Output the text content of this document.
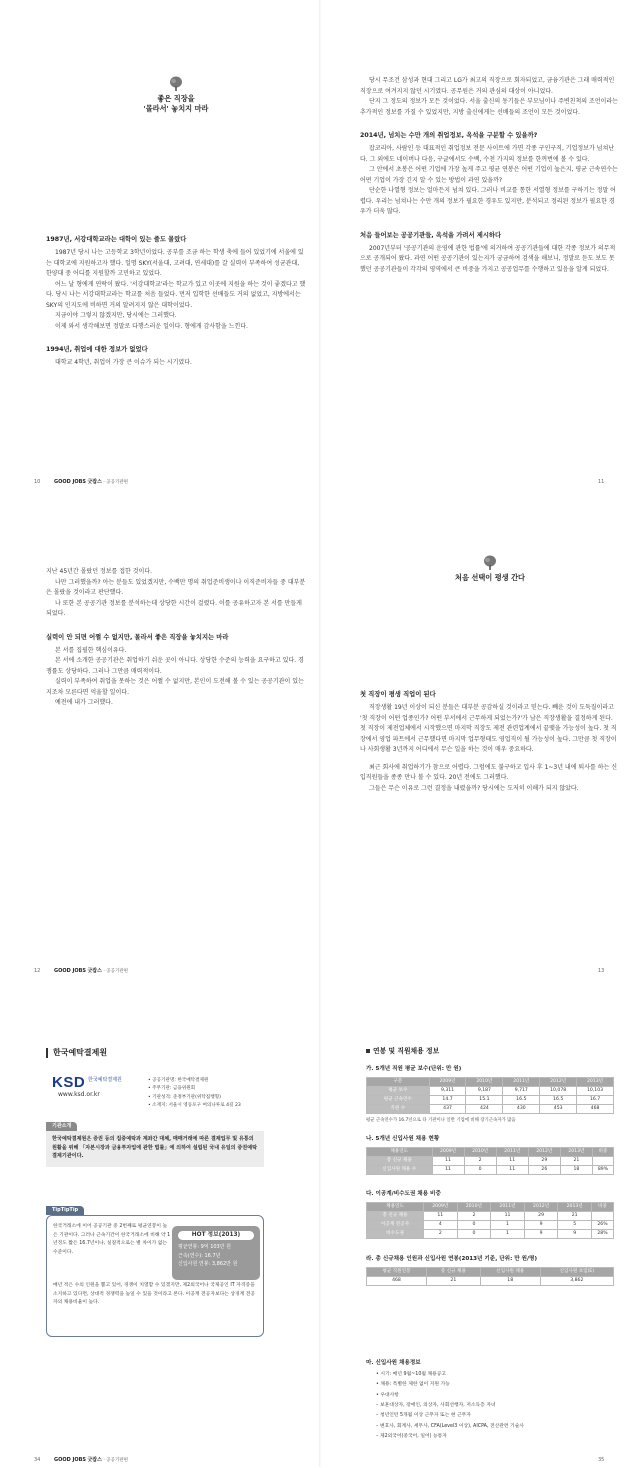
좋은 직장을
'몰라서' 놓치지 마라
1987년, 서강대학교라는 대학이 있는 줄도 몰랐다

1987년 당시 나는 고등학교 3학년이었다. 공부를 조금 하는 학생 축에 들어 있었기에 서울에 있는 대학교에 지원하고자 했다. 일명 SKY(서울대, 고려대, 연세대)를 갈 실력이 부족하여 성균관대, 한양대 중 어디를 지원할까 고민하고 있었다.

어느 날 형에게 연락이 왔다. '서강대학교'라는 학교가 있고 이곳에 지원을 하는 것이 좋겠다고 했다. 당시 나는 서강대학교라는 학교를 처음 들었다. 먼저 입학한 선배들도 거의 없었고, 지방에서는 SKY의 인지도에 비하면 거의 알려지지 않은 대학이었다.

지금이야 그렇지 않겠지만, 당시에는 그러했다.

이제 와서 생각해보면 정말로 다행스러운 일이다. 형에게 감사함을 느낀다.

1994년, 취업에 대한 정보가 없었다

대학교 4학년, 취업이 가장 큰 이슈가 되는 시기였다.

10	GOOD JOBS 굿잡스 · 공공기관편

당시 무조건 삼성과 현대 그리고 LG가 최고의 직장으로 회자되었고, 금융기관은 그래 매력적인 직장으로 여겨지지 않던 시기였다. 공무원은 거의 관심의 대상이 아니었다.

단지 그 정도의 정보가 모든 것이었다. 서울 출신의 동기들은 부모님이나 주변친척의 조언이라는 추가적인 정보를 가질 수 있었지만, 지방 출신에게는 선배들의 조언이 모든 것이었다.

2014년, 넘치는 수만 개의 취업정보, 옥석을 구분할 수 있을까?

잡코리아, 사람인 등 대표적인 취업정보 전문 사이트에 가면 각종 구인구직, 기업정보가 넘쳐난다. 그 외에도 네이버나 다음, 구글에서도 수백, 수천 가지의 정보를 한꺼번에 볼 수 있다.

그 안에서 초봉은 어떤 기업에 가장 높게 주고 평균 연봉은 어떤 기업이 높은지, 평균 근속연수는 어떤 기업이 가장 긴지 알 수 있는 방법이 과연 있을까?

단순한 나열형 정보는 얼마든지 넘쳐 있다. 그러나 비교를 통한 서열형 정보를 구하기는 정말 어렵다. 우리는 넘쳐나는 수만 개의 정보가 필요한 경우도 있지만, 분석되고 정리된 정보가 필요한 경우가 더욱 많다.

처음 들어보는 공공기관들, 옥석을 가려서 제시하다

2007년부터 '공공기관의 운영에 관한 법률'에 의거하여 공공기관들에 대한 각종 정보가 의무적으로 공개되어 왔다. 과연 어떤 공공기관이 있는지가 궁금하여 검색을 해보니, 정말로 듣도 보도 못했던 공공기관들이 각각의 영역에서 큰 비중을 가지고 공공업무를 수행하고 있음을 알게 되었다.

11

지난 45년간 몰랐던 정보를 접한 것이다.

나만 그러했을까? 아는 분들도 있었겠지만, 수백만 명의 취업준비생이나 이직준비자들 중 대부분은 몰랐을 것이라고 판단했다.

나 또한 본 공공기관 정보를 분석하는데 상당한 시간이 걸렸다. 이를 공유하고자 본 서를 만들게 되었다.

실력이 안 되면 어쩔 수 없지만, 몰라서 좋은 직장을 놓치지는 마라

본 서를 집필한 핵심이유다.

본 서에 소개한 공공기관은 취업하기 쉬운 곳이 아니다. 상당한 수준의 능력을 요구하고 있다. 경쟁률도 상당하다. 그러나 그만큼 매력적이다.

실력이 부족하여 취업을 못하는 것은 어쩔 수 없지만, 본인이 도전해 볼 수 있는 공공기관이 있는지조차 모른다면 억울할 일이다.

예전에 내가 그러했다.

12	GOOD JOBS 굿잡스 · 공공기관편
처음 선택이 평생 간다
첫 직장이 평생 직업이 된다

직장생활 19년 이상이 되신 분들은 대부분 공감하실 것이라고 믿는다. 빼운 것이 도둑질이라고 '첫 직장이 어떤 업종인가? 어떤 부서에서 근무하게 되었는가?'가 남은 직장생활을 결정하게 된다. 첫 직장이 제전업체에서 시작했으면 마지막 직장도 제전 관련업계에서 끝맺을 가능성이 높다. 첫 직장에서 영업 파트에서 근무했다면 마지막 업무형태도 영업직이 될 가능성이 높다. 그만큼 첫 직장이나 사회생활 3년까지 어디에서 무슨 일을 하는 것이 매우 중요하다.

최근 회사에 취업하기가 참으로 어렵다. 그럼에도 불구하고 입사 후 1~3년 내에 퇴사를 하는 신입직원들을 종종 만나 볼 수 있다. 20년 전에도 그러했다.

그들은 무슨 이유로 그런 결정을 내렸을까? 당시에는 도저히 이해가 되지 않았다.

13
한국예탁결제원
KSD 한국예탁결제원
www.ksd.or.kr
• 공공기관명: 한국예탁결제원
• 주무기관: 금융위원회
• 기관성격: 준정부기관(위탁집행형)
• 소재지: 서울시 영등포구 여의나루로 4길 23
기관소개
한국예탁결제원은 증권 등의 집중예탁과 계좌간 대체, 매매거래에 따른 결제업무 및 유통의 원활을 위해 「자본시장과 금융투자업에 관한 법률」에 의하여 설립된 국내 유일의 증권예탁결제기관이다.
TipTipTip
한국거래소에 이어 공공기관 중 2번째로 평균연봉이 높은 기관이다. 그러나 근속기간이 한국거래소에 비해 약 1년정도 짧은 16.7년이나, 실질적으로는 별 차이가 없는 수준이다.
HOT 정보(2013)
평균연봉: 9억 103만 원
근속(연수): 16.7년
신입사원 연봉: 3,862만 원
매년 적은 수의 인원을 뽑고 있어, 경쟁이 치열할 수 있겠지만, 제2외국어나 국제공인 IT 자격증을 소지하고 있다면, 상대적 경쟁력을 높일 수 있을 것이라고 본다. 이공계 전공자보다는 상경계 전공자의 채용비율이 높다.
34	GOOD JOBS 굿잡스 · 공공기관편
연봉 및 직원채용 정보
가. 5개년 직원 평균 보수(단위: 만 원)
구분	2009년	2010년	2011년	2012년	2013년
평균 보수	9,311	9,187	9,717	10,078	10,103
평균 근속연수	14.7	15.1	16.5	16.5	16.7
직원 수	437	424	430	453	468
평균 근속연수가 16.7년으로 타 기관이나 일반 기업에 비해 장기근속자가 많음
나. 5개년 신입사원 채용 현황
채용연도	2009년	2010년	2011년	2012년	2013년	비중
총 신규 채용	11	2	11	29	21	
신입사원 채용 수	11	0	11	26	18	89%
다. 이공계/비수도권 채용 비중
채용연도	2009년	2010년	2011년	2012년	2013년	비중
총 신규 채용	11	2	11	29	21	
이공계 전공자	4	0	1	9	5	26%
비수도권	2	0	1	9	9	28%
라. 총 신규채용 인원과 신입사원 연봉(2013년 기준, 단위: 만 원/명)
평균 직원연봉	총 신규 채용	신입사원 채용	신입사원 초임(E)
468	21	18	3,862
마. 신입사원 채용정보
• 시기: 매년 9월~10월 채용공고
• 채용: 특별한 제한 없이 지원 가능
• 우대사항
– 보훈대상자, 장애인, 의상자, 사회선행자, 저소득층 자녀
– 청년인턴 5개월 이상 근무자 또는 현 근무자
– 변호사, 회계사, 세무사, CFA(Level3 이상), AICPA, 전산관련 기술사
– 제2외국어(중국어, 일어) 능통자
35
